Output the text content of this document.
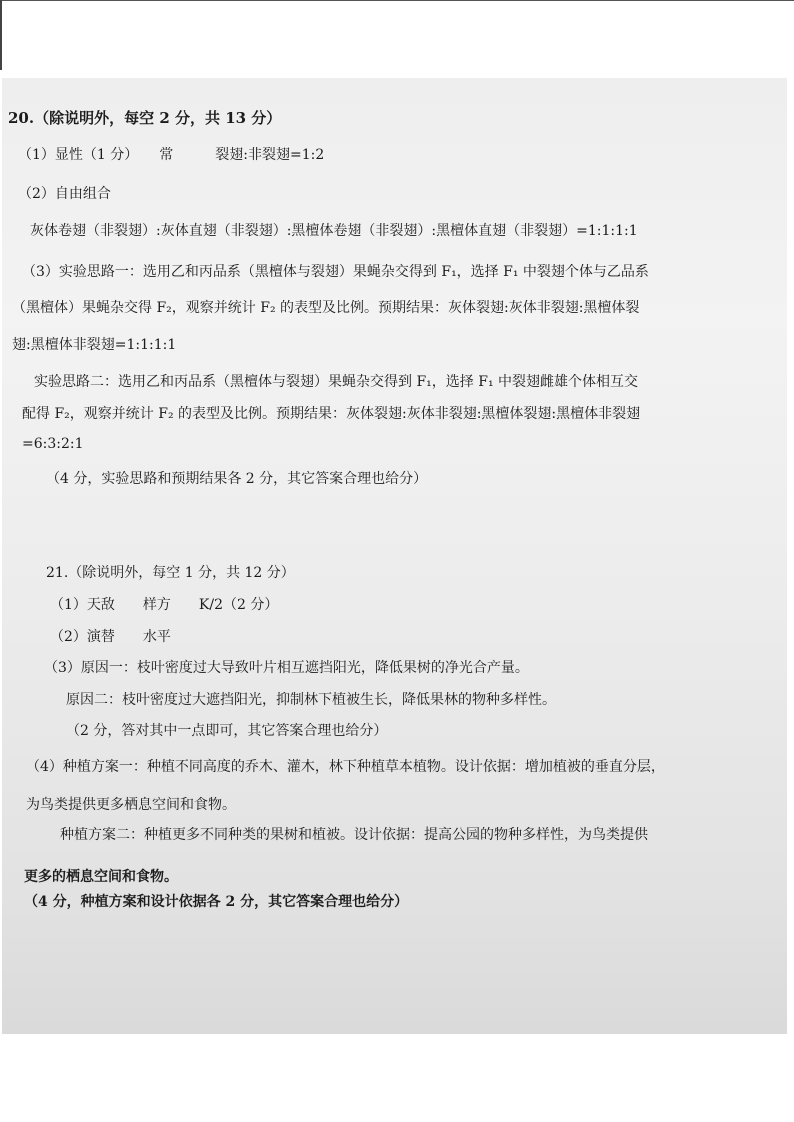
20.（除说明外，每空 2 分，共 13 分）
（1）显性（1 分）　　常　　　裂翅:非裂翅=1:2
（2）自由组合
灰体卷翅（非裂翅）:灰体直翅（非裂翅）:黑檀体卷翅（非裂翅）:黑檀体直翅（非裂翅）=1:1:1:1
（3）实验思路一：选用乙和丙品系（黑檀体与裂翅）果蝇杂交得到 F₁，选择 F₁ 中裂翅个体与乙品系
（黑檀体）果蝇杂交得 F₂，观察并统计 F₂ 的表型及比例。预期结果：灰体裂翅:灰体非裂翅:黑檀体裂
翅:黑檀体非裂翅=1:1:1:1
实验思路二：选用乙和丙品系（黑檀体与裂翅）果蝇杂交得到 F₁，选择 F₁ 中裂翅雌雄个体相互交
配得 F₂，观察并统计 F₂ 的表型及比例。预期结果：灰体裂翅:灰体非裂翅:黑檀体裂翅:黑檀体非裂翅
=6:3:2:1
（4 分，实验思路和预期结果各 2 分，其它答案合理也给分）
21.（除说明外，每空 1 分，共 12 分）
（1）天敌　　样方　　K/2（2 分）
（2）演替　　水平
（3）原因一：枝叶密度过大导致叶片相互遮挡阳光，降低果树的净光合产量。
原因二：枝叶密度过大遮挡阳光，抑制林下植被生长，降低果林的物种多样性。
（2 分，答对其中一点即可，其它答案合理也给分）
（4）种植方案一：种植不同高度的乔木、灌木，林下种植草本植物。设计依据：增加植被的垂直分层，
为鸟类提供更多栖息空间和食物。
种植方案二：种植更多不同种类的果树和植被。设计依据：提高公园的物种多样性，为鸟类提供
更多的栖息空间和食物。
（4 分，种植方案和设计依据各 2 分，其它答案合理也给分）
